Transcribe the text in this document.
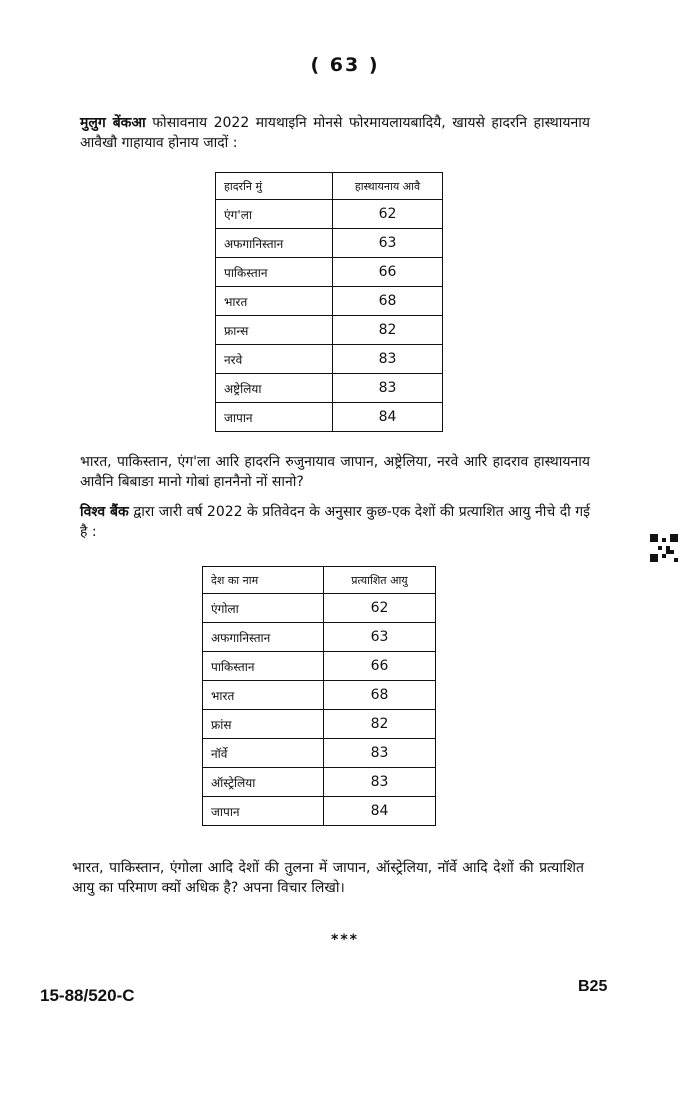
( 63 )
मुलुग बेंकआ फोसावनाय 2022 मायथाइनि मोनसे फोरमायलायबादियै, खायसे हादरनि हास्थायनाय आवैखौ गाहायाव होनाय जादों :
हादरनि मुं	हास्थायनाय आवै
एंग'ला	62
अफगानिस्तान	63
पाकिस्तान	66
भारत	68
फ्रान्स	82
नरवे	83
अष्ट्रेलिया	83
जापान	84
भारत, पाकिस्तान, एंग'ला आरि हादरनि रुजुनायाव जापान, अष्ट्रेलिया, नरवे आरि हादराव हास्थायनाय आवैनि बिबाङा मानो गोबां हाननैनो नों सानो?
विश्व बैंक द्वारा जारी वर्ष 2022 के प्रतिवेदन के अनुसार कुछ-एक देशों की प्रत्याशित आयु नीचे दी गई है :
देश का नाम	प्रत्याशित आयु
एंगोला	62
अफगानिस्तान	63
पाकिस्तान	66
भारत	68
फ्रांस	82
नॉर्वे	83
ऑस्ट्रेलिया	83
जापान	84
भारत, पाकिस्तान, एंगोला आदि देशों की तुलना में जापान, ऑस्ट्रेलिया, नॉर्वे आदि देशों की प्रत्याशित आयु का परिमाण क्यों अधिक है? अपना विचार लिखो।
***
15-88/520-C	B25
